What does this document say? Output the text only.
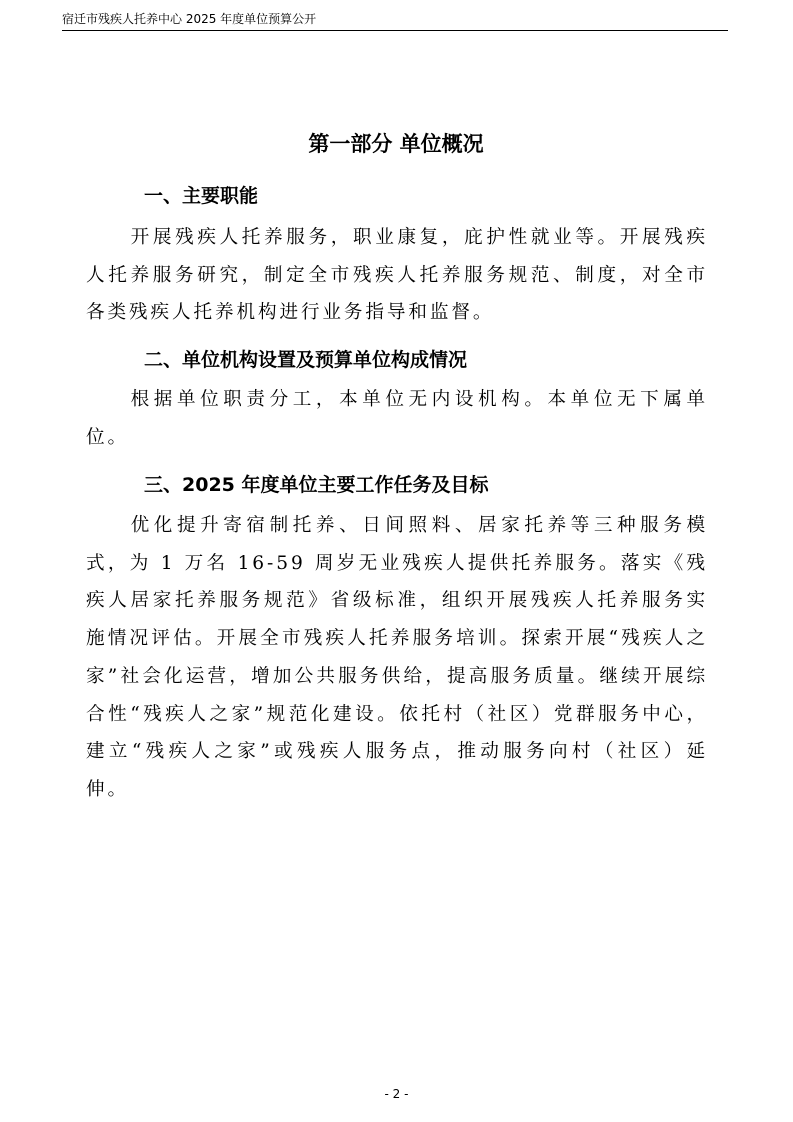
宿迁市残疾人托养中心 2025 年度单位预算公开
第一部分 单位概况
一、主要职能

开展残疾人托养服务，职业康复，庇护性就业等。开展残疾人托养服务研究，制定全市残疾人托养服务规范、制度，对全市各类残疾人托养机构进行业务指导和监督。

二、单位机构设置及预算单位构成情况

根据单位职责分工，本单位无内设机构。本单位无下属单位。

三、2025 年度单位主要工作任务及目标

优化提升寄宿制托养、日间照料、居家托养等三种服务模式，为 1 万名 16-59 周岁无业残疾人提供托养服务。落实《残疾人居家托养服务规范》省级标准，组织开展残疾人托养服务实施情况评估。开展全市残疾人托养服务培训。探索开展“残疾人之家”社会化运营，增加公共服务供给，提高服务质量。继续开展综合性“残疾人之家”规范化建设。依托村（社区）党群服务中心，建立“残疾人之家”或残疾人服务点，推动服务向村（社区）延伸。

- 2 -
